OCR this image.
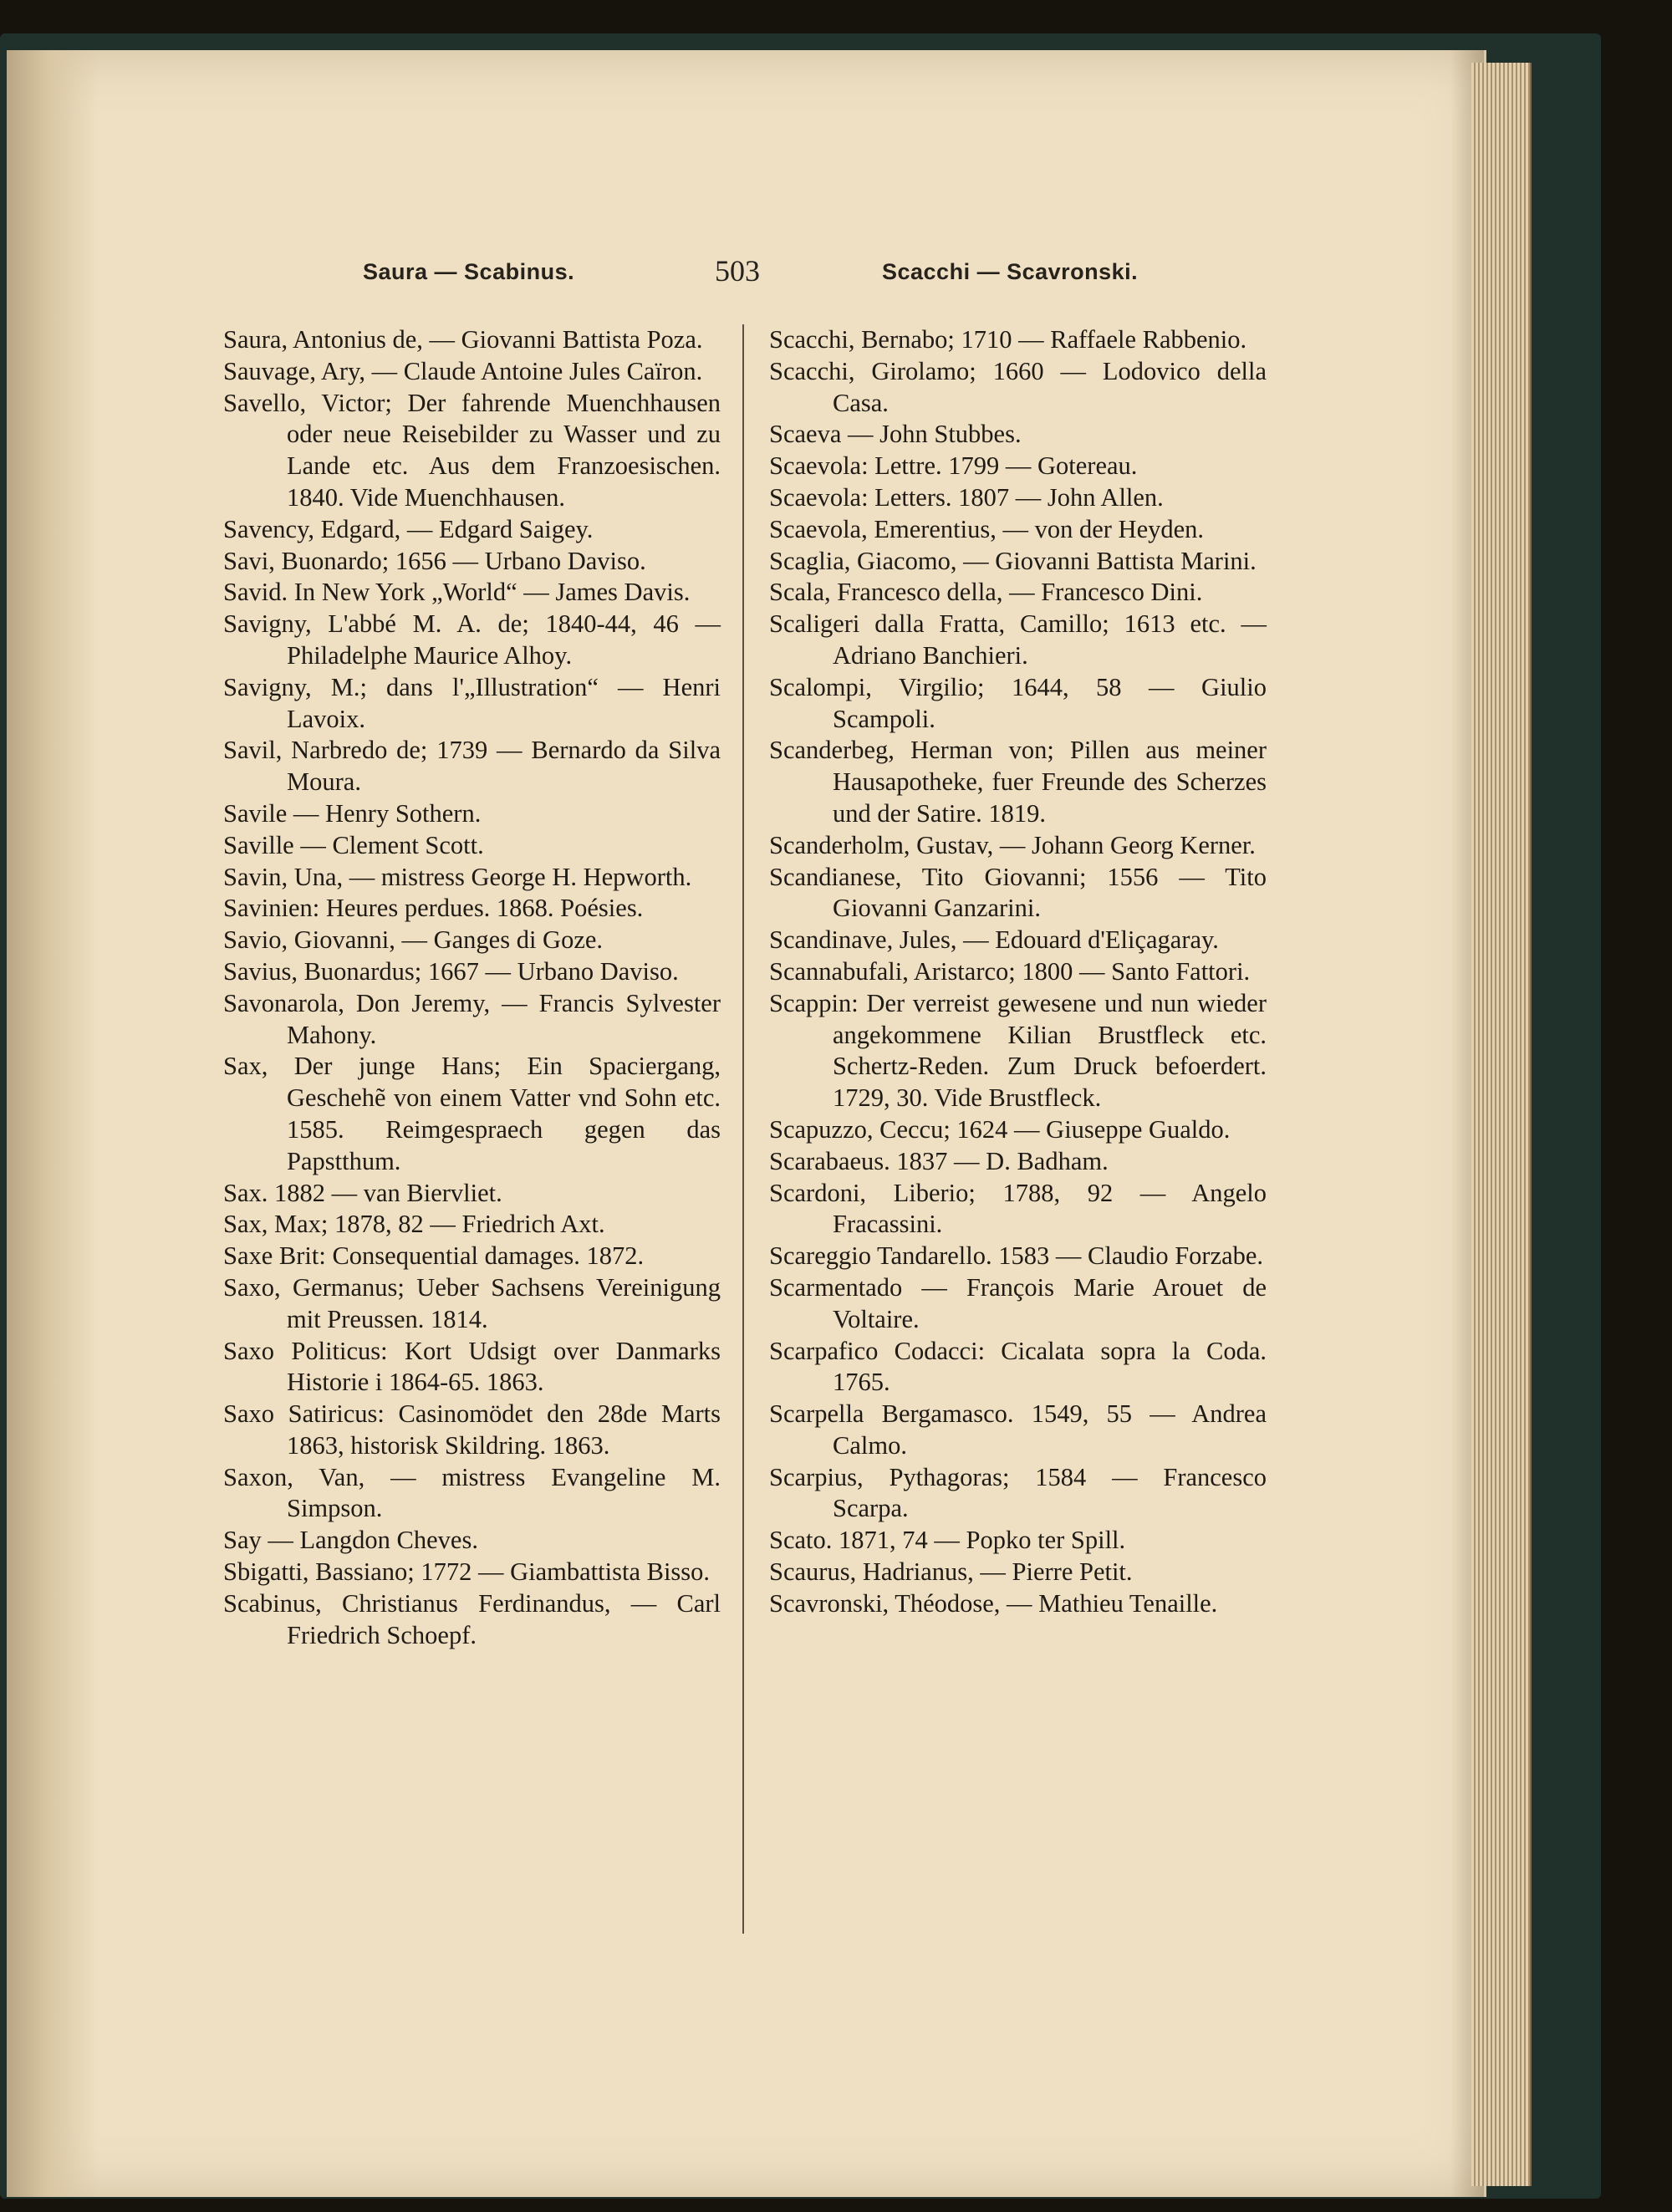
Saura — Scabinus.	503	Scacchi — Scavronski.
Saura, Antonius de, — Giovanni Battista Poza.
Sauvage, Ary, — Claude Antoine Jules Caïron.
Savello, Victor; Der fahrende Muenchhausen oder neue Reisebilder zu Wasser und zu Lande etc. Aus dem Franzoesischen. 1840. Vide Muenchhausen.
Savency, Edgard, — Edgard Saigey.
Savi, Buonardo; 1656 — Urbano Daviso.
Savid. In New York „World“ — James Davis.
Savigny, L'abbé M. A. de; 1840-44, 46 — Philadelphe Maurice Alhoy.
Savigny, M.; dans l'„Illustration“ — Henri Lavoix.
Savil, Narbredo de; 1739 — Bernardo da Silva Moura.
Savile — Henry Sothern.
Saville — Clement Scott.
Savin, Una, — mistress George H. Hepworth.
Savinien: Heures perdues. 1868. Poésies.
Savio, Giovanni, — Ganges di Goze.
Savius, Buonardus; 1667 — Urbano Daviso.
Savonarola, Don Jeremy, — Francis Sylvester Mahony.
Sax, Der junge Hans; Ein Spaciergang, Geschehẽ von einem Vatter vnd Sohn etc. 1585. Reimgespraech gegen das Papstthum.
Sax. 1882 — van Biervliet.
Sax, Max; 1878, 82 — Friedrich Axt.
Saxe Brit: Consequential damages. 1872.
Saxo, Germanus; Ueber Sachsens Vereinigung mit Preussen. 1814.
Saxo Politicus: Kort Udsigt over Danmarks Historie i 1864-65. 1863.
Saxo Satiricus: Casinomödet den 28de Marts 1863, historisk Skildring. 1863.
Saxon, Van, — mistress Evangeline M. Simpson.
Say — Langdon Cheves.
Sbigatti, Bassiano; 1772 — Giambattista Bisso.
Scabinus, Christianus Ferdinandus, — Carl Friedrich Schoepf.
Scacchi, Bernabo; 1710 — Raffaele Rabbenio.
Scacchi, Girolamo; 1660 — Lodovico della Casa.
Scaeva — John Stubbes.
Scaevola: Lettre. 1799 — Gotereau.
Scaevola: Letters. 1807 — John Allen.
Scaevola, Emerentius, — von der Heyden.
Scaglia, Giacomo, — Giovanni Battista Marini.
Scala, Francesco della, — Francesco Dini.
Scaligeri dalla Fratta, Camillo; 1613 etc. — Adriano Banchieri.
Scalompi, Virgilio; 1644, 58 — Giulio Scampoli.
Scanderbeg, Herman von; Pillen aus meiner Hausapotheke, fuer Freunde des Scherzes und der Satire. 1819.
Scanderholm, Gustav, — Johann Georg Kerner.
Scandianese, Tito Giovanni; 1556 — Tito Giovanni Ganzarini.
Scandinave, Jules, — Edouard d'Eliçagaray.
Scannabufali, Aristarco; 1800 — Santo Fattori.
Scappin: Der verreist gewesene und nun wieder angekommene Kilian Brustfleck etc. Schertz-Reden. Zum Druck befoerdert. 1729, 30. Vide Brustfleck.
Scapuzzo, Ceccu; 1624 — Giuseppe Gualdo.
Scarabaeus. 1837 — D. Badham.
Scardoni, Liberio; 1788, 92 — Angelo Fracassini.
Scareggio Tandarello. 1583 — Claudio Forzabe.
Scarmentado — François Marie Arouet de Voltaire.
Scarpafico Codacci: Cicalata sopra la Coda. 1765.
Scarpella Bergamasco. 1549, 55 — Andrea Calmo.
Scarpius, Pythagoras; 1584 — Francesco Scarpa.
Scato. 1871, 74 — Popko ter Spill.
Scaurus, Hadrianus, — Pierre Petit.
Scavronski, Théodose, — Mathieu Tenaille.
